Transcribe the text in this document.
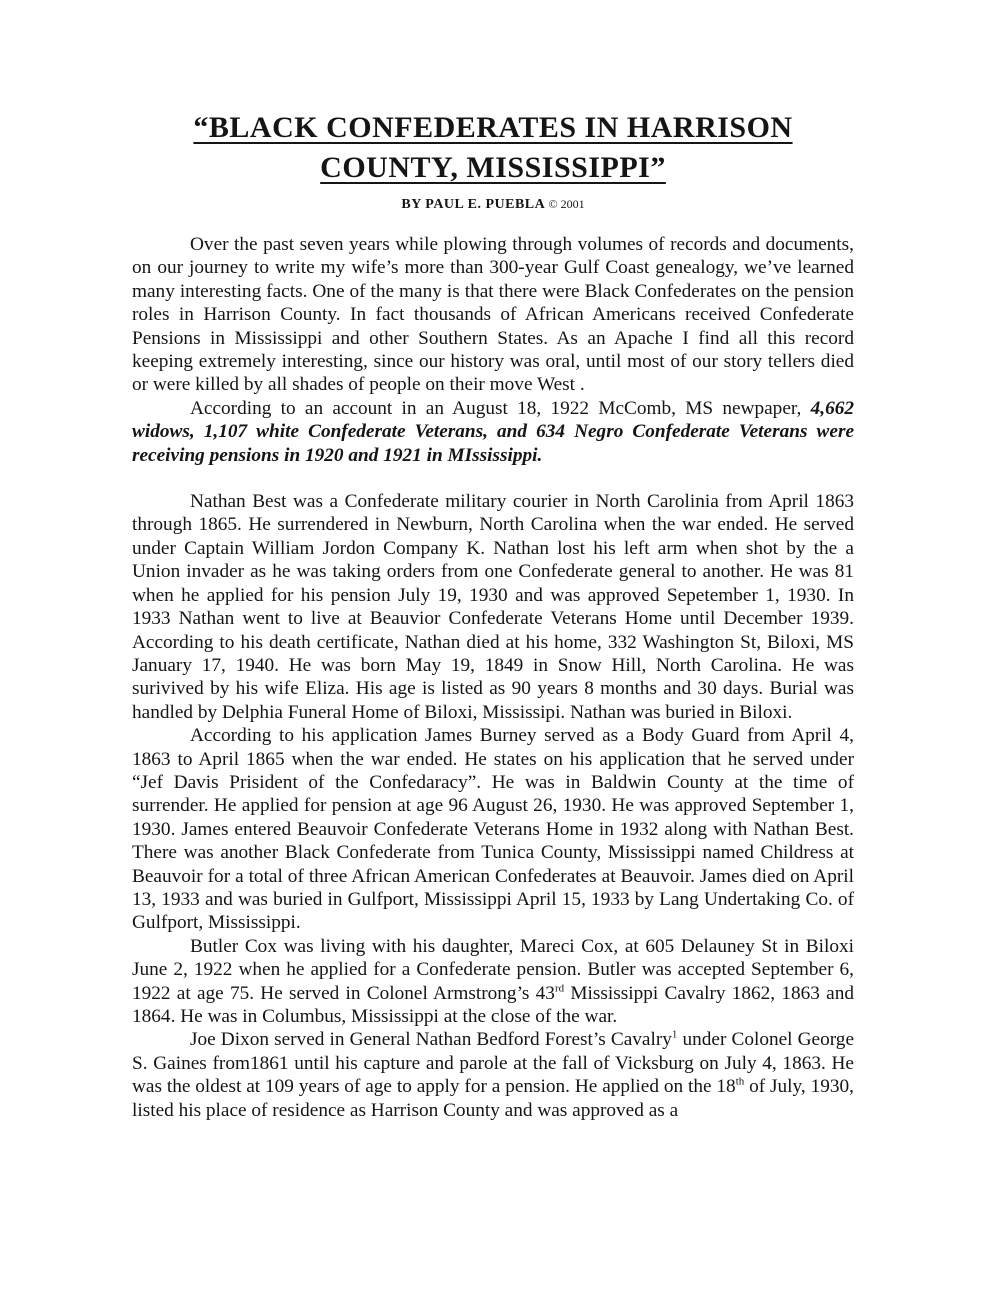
“BLACK CONFEDERATES IN HARRISON
COUNTY, MISSISSIPPI”
BY PAUL E. PUEBLA © 2001

Over the past seven years while plowing through volumes of records and documents, on our journey to write my wife’s more than 300-year Gulf Coast genealogy, we’ve learned many interesting facts. One of the many is that there were Black Confederates on the pension roles in Harrison County. In fact thousands of African Americans received Confederate Pensions in Mississippi and other Southern States. As an Apache I find all this record keeping extremely interesting, since our history was oral, until most of our story tellers died or were killed by all shades of people on their move West .

According to an account in an August 18, 1922 McComb, MS newpaper, 4,662 widows, 1,107 white Confederate Veterans, and 634 Negro Confederate Veterans were receiving pensions in 1920 and 1921 in MIssissippi.

Nathan Best was a Confederate military courier in North Carolinia from April 1863 through 1865. He surrendered in Newburn, North Carolina when the war ended. He served under Captain William Jordon Company K. Nathan lost his left arm when shot by the a Union invader as he was taking orders from one Confederate general to another. He was 81 when he applied for his pension July 19, 1930 and was approved Sepetember 1, 1930. In 1933 Nathan went to live at Beauvior Confederate Veterans Home until December 1939. According to his death certificate, Nathan died at his home, 332 Washington St, Biloxi, MS January 17, 1940. He was born May 19, 1849 in Snow Hill, North Carolina. He was surivived by his wife Eliza. His age is listed as 90 years 8 months and 30 days. Burial was handled by Delphia Funeral Home of Biloxi, Mississipi. Nathan was buried in Biloxi.

According to his application James Burney served as a Body Guard from April 4, 1863 to April 1865 when the war ended. He states on his application that he served under “Jef Davis Prisident of the Confedaracy”. He was in Baldwin County at the time of surrender. He applied for pension at age 96 August 26, 1930. He was approved September 1, 1930. James entered Beauvoir Confederate Veterans Home in 1932 along with Nathan Best. There was another Black Confederate from Tunica County, Mississippi named Childress at Beauvoir for a total of three African American Confederates at Beauvoir. James died on April 13, 1933 and was buried in Gulfport, Mississippi April 15, 1933 by Lang Undertaking Co. of Gulfport, Mississippi.

Butler Cox was living with his daughter, Mareci Cox, at 605 Delauney St in Biloxi June 2, 1922 when he applied for a Confederate pension. Butler was accepted September 6, 1922 at age 75. He served in Colonel Armstrong’s 43rd Mississippi Cavalry 1862, 1863 and 1864. He was in Columbus, Mississippi at the close of the war.

Joe Dixon served in General Nathan Bedford Forest’s Cavalry$^1$ under Colonel George S. Gaines from1861 until his capture and parole at the fall of Vicksburg on July 4, 1863. He was the oldest at 109 years of age to apply for a pension. He applied on the 18th of July, 1930, listed his place of residence as Harrison County and was approved as a
